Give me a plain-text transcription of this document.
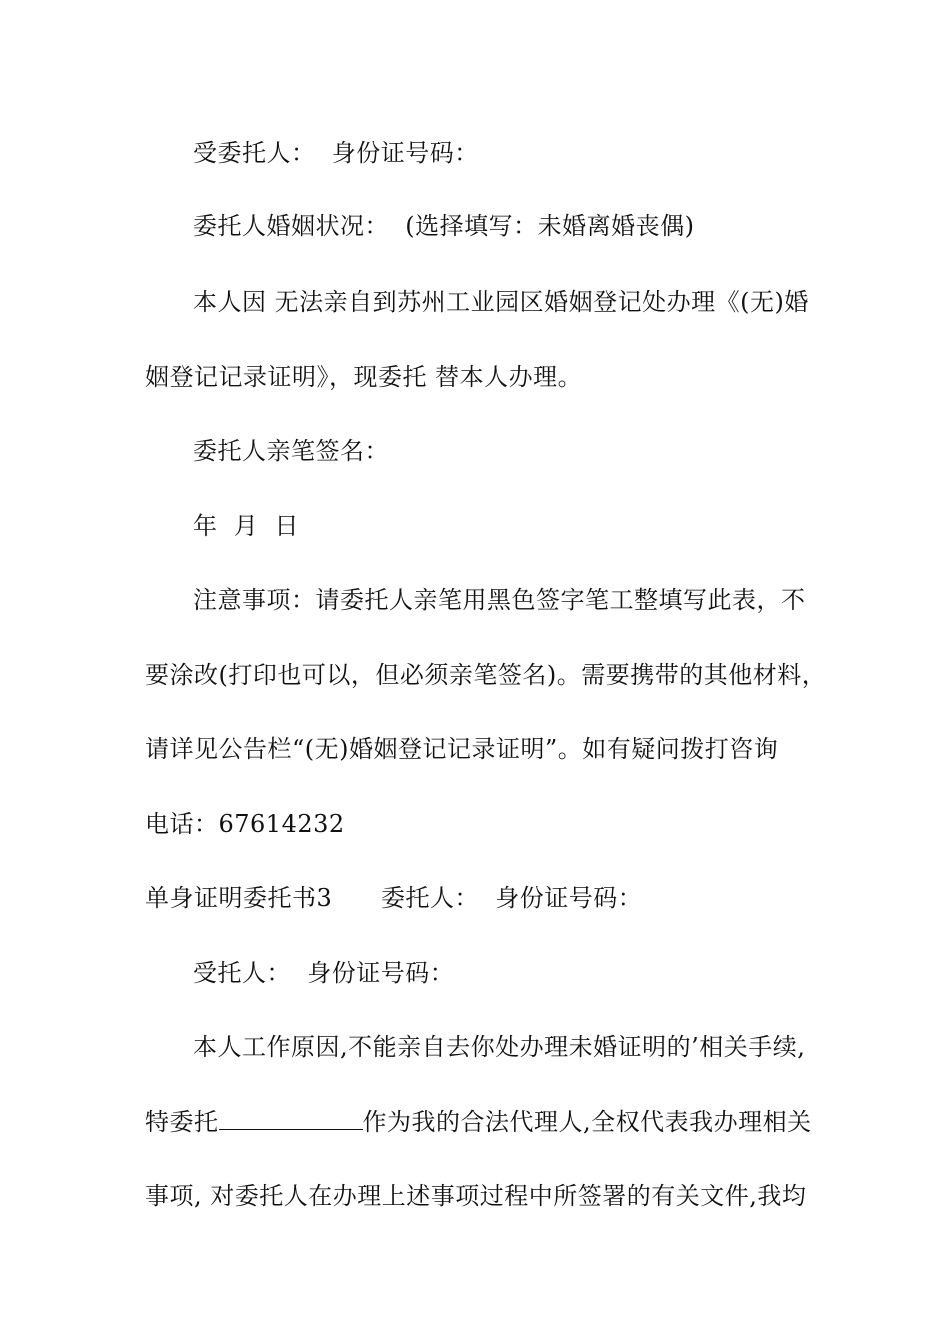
受委托人：  身份证号码：
委托人婚姻状况：  (选择填写：未婚离婚丧偶)
本人因 无法亲自到苏州工业园区婚姻登记处办理《(无)婚
姻登记记录证明》，现委托 替本人办理。
委托人亲笔签名：
年  月  日
注意事项：请委托人亲笔用黑色签字笔工整填写此表，不
要涂改(打印也可以，但必须亲笔签名)。需要携带的其他材料，
请详见公告栏“(无)婚姻登记记录证明”。如有疑问拨打咨询
电话：67614232
单身证明委托书3      委托人：  身份证号码：
受托人：  身份证号码：
本人工作原因,不能亲自去你处办理未婚证明的’相关手续,
特委托	作为我的合法代理人,全权代表我办理相关
事项, 对委托人在办理上述事项过程中所签署的有关文件,我均
